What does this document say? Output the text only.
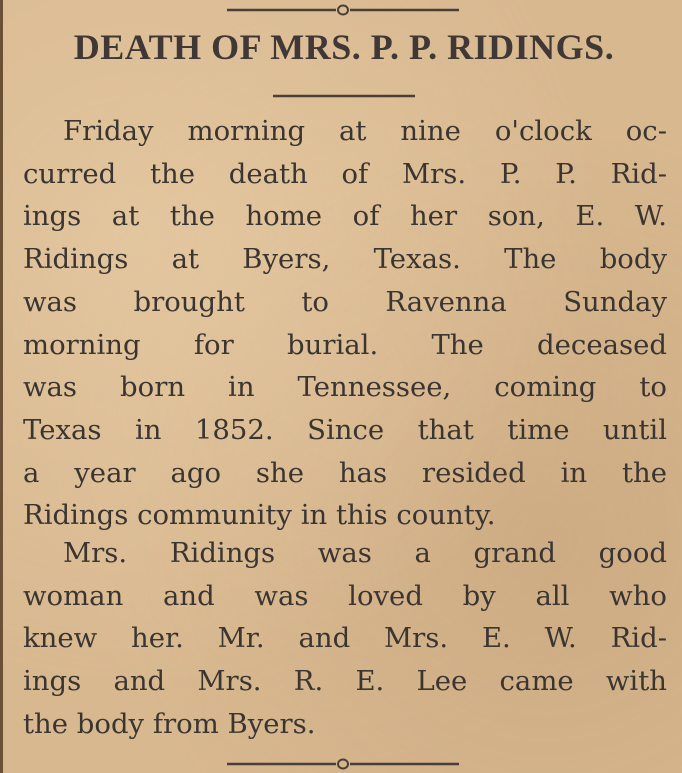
DEATH OF MRS. P. P. RIDINGS.
Friday morning at nine o'clock oc-
curred the death of Mrs. P. P. Rid-
ings at the home of her son, E. W.
Ridings at Byers, Texas. The body
was brought to Ravenna Sunday
morning for burial. The deceased
was born in Tennessee, coming to
Texas in 1852. Since that time until
a year ago she has resided in the
Ridings community in this county.
Mrs. Ridings was a grand good
woman and was loved by all who
knew her. Mr. and Mrs. E. W. Rid-
ings and Mrs. R. E. Lee came with
the body from Byers.
